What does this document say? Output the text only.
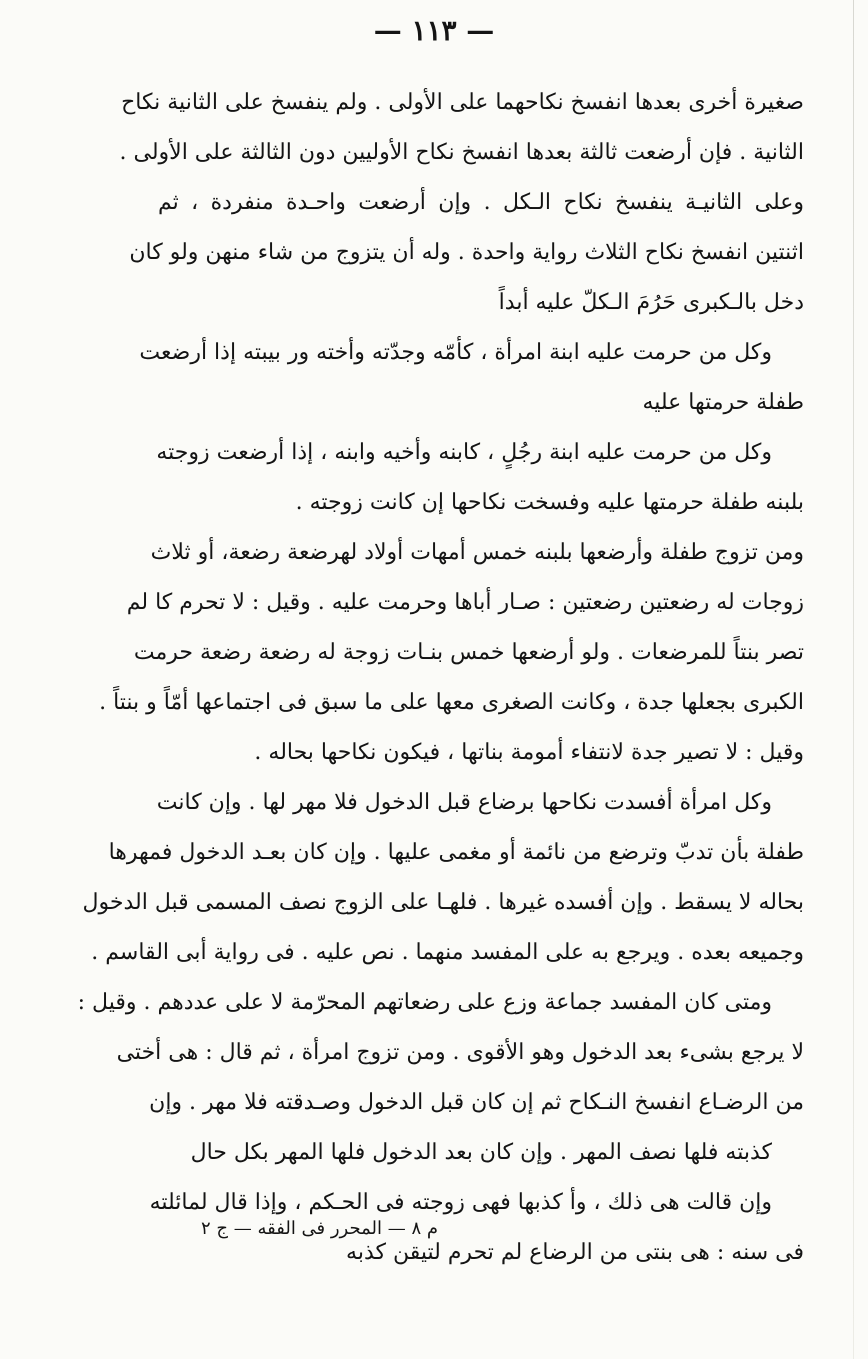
— ١١٣ —
صغيرة أخرى بعدها انفسخ نكاحهما على الأولى . ولم ينفسخ على الثانية نكاح
الثانية . فإن أرضعت ثالثة بعدها انفسخ نكاح الأوليين دون الثالثة على الأولى .
وعلى الثانيـة ينفسخ نكاح الـكل . وإن أرضعت واحـدة منفردة ، ثم
اثنتين انفسخ نكاح الثلاث رواية واحدة . وله أن يتزوج من شاء منهن ولو كان
دخل بالـكبرى حَرُمَ الـكلّ عليه أبداً
وكل من حرمت عليه ابنة امرأة ، كأمّه وجدّته وأخته ور بيبته إذا أرضعت
طفلة حرمتها عليه
وكل من حرمت عليه ابنة رجُلٍ ، كابنه وأخيه وابنه ، إذا أرضعت زوجته
بلبنه طفلة حرمتها عليه وفسخت نكاحها إن كانت زوجته .
ومن تزوج طفلة وأرضعها بلبنه خمس أمهات أولاد لهرضعة رضعة، أو ثلاث
زوجات له رضعتين رضعتين : صـار أباها وحرمت عليه . وقيل : لا تحرم كا لم
تصر بنتاً للمرضعات . ولو أرضعها خمس بنـات زوجة له رضعة رضعة حرمت
الكبرى بجعلها جدة ، وكانت الصغرى معها على ما سبق فى اجتماعها أمّاً و بنتاً .
وقيل : لا تصير جدة لانتفاء أمومة بناتها ، فيكون نكاحها بحاله .
وكل امرأة أفسدت نكاحها برضاع قبل الدخول فلا مهر لها . وإن كانت
طفلة بأن تدبّ وترضع من نائمة أو مغمى عليها . وإن كان بعـد الدخول فمهرها
بحاله لا يسقط . وإن أفسده غيرها . فلهـا على الزوج نصف المسمى قبل الدخول
وجميعه بعده . ويرجع به على المفسد منهما . نص عليه . فى رواية أبى القاسم .
ومتى كان المفسد جماعة وزع على رضعاتهم المحرّمة لا على عددهم . وقيل :
لا يرجع بشىء بعد الدخول وهو الأقوى . ومن تزوج امرأة ، ثم قال : هى أختى
من الرضـاع انفسخ النـكاح ثم إن كان قبل الدخول وصـدقته فلا مهر . وإن
كذبته فلها نصف المهر . وإن كان بعد الدخول فلها المهر بكل حال
وإن قالت هى ذلك ، وأ كذبها فهى زوجته فى الحـكم ، وإذا قال لمائلته
فى سنه : هى بنتى من الرضاع لم تحرم لتيقن كذبه
م ٨ — المحرر فى الفقه — ج ٢
